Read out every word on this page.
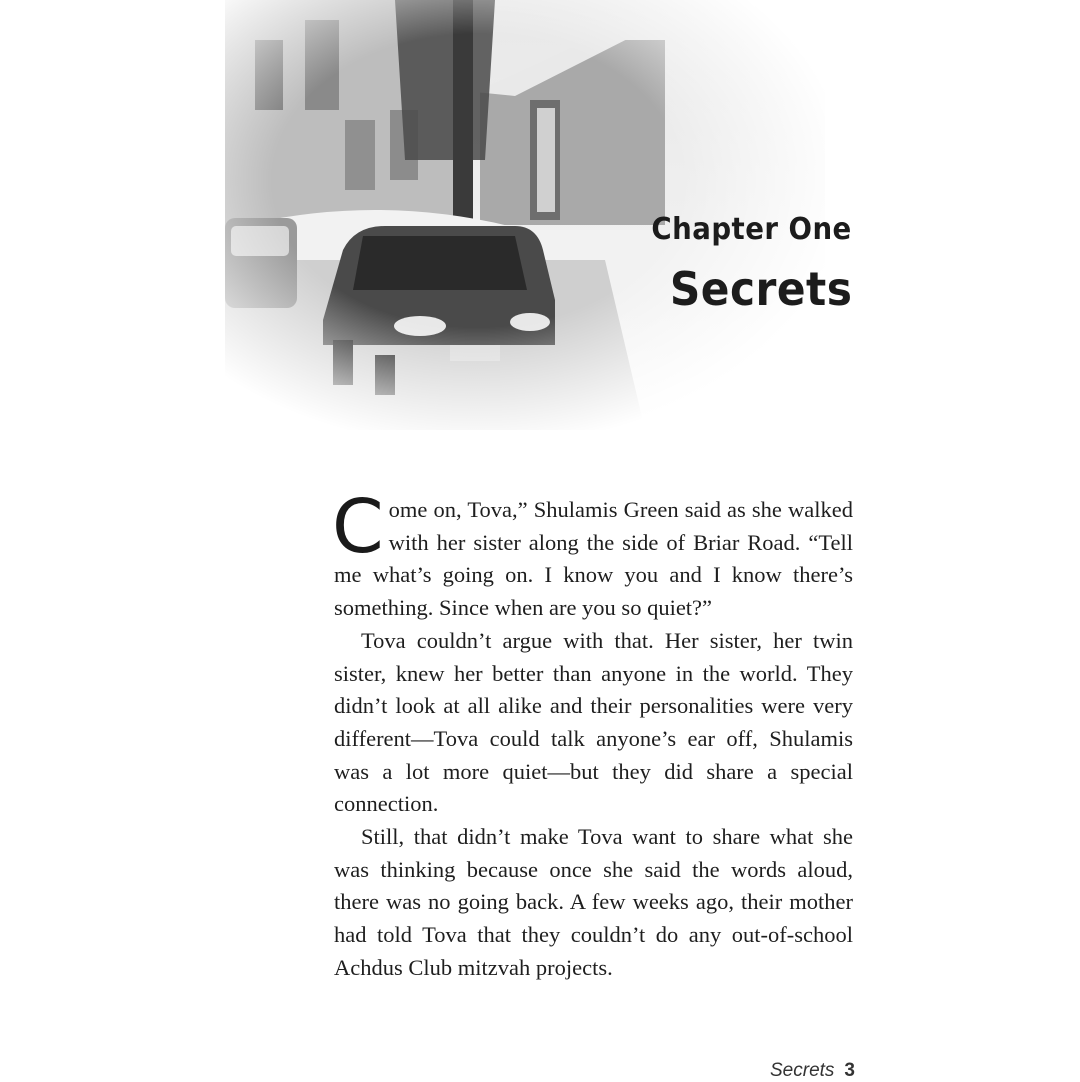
Chapter One
Secrets

Come on, Tova,” Shulamis Green said as she walked with her sister along the side of Briar Road. “Tell me what’s going on. I know you and I know there’s something. Since when are you so quiet?”

Tova couldn’t argue with that. Her sister, her twin sister, knew her better than anyone in the world. They didn’t look at all alike and their personalities were very different—Tova could talk anyone’s ear off, Shulamis was a lot more quiet—but they did share a special connection.

Still, that didn’t make Tova want to share what she was thinking because once she said the words aloud, there was no going back. A few weeks ago, their mother had told Tova that they couldn’t do any out-of-school Achdus Club mitzvah projects.

Secrets 3
